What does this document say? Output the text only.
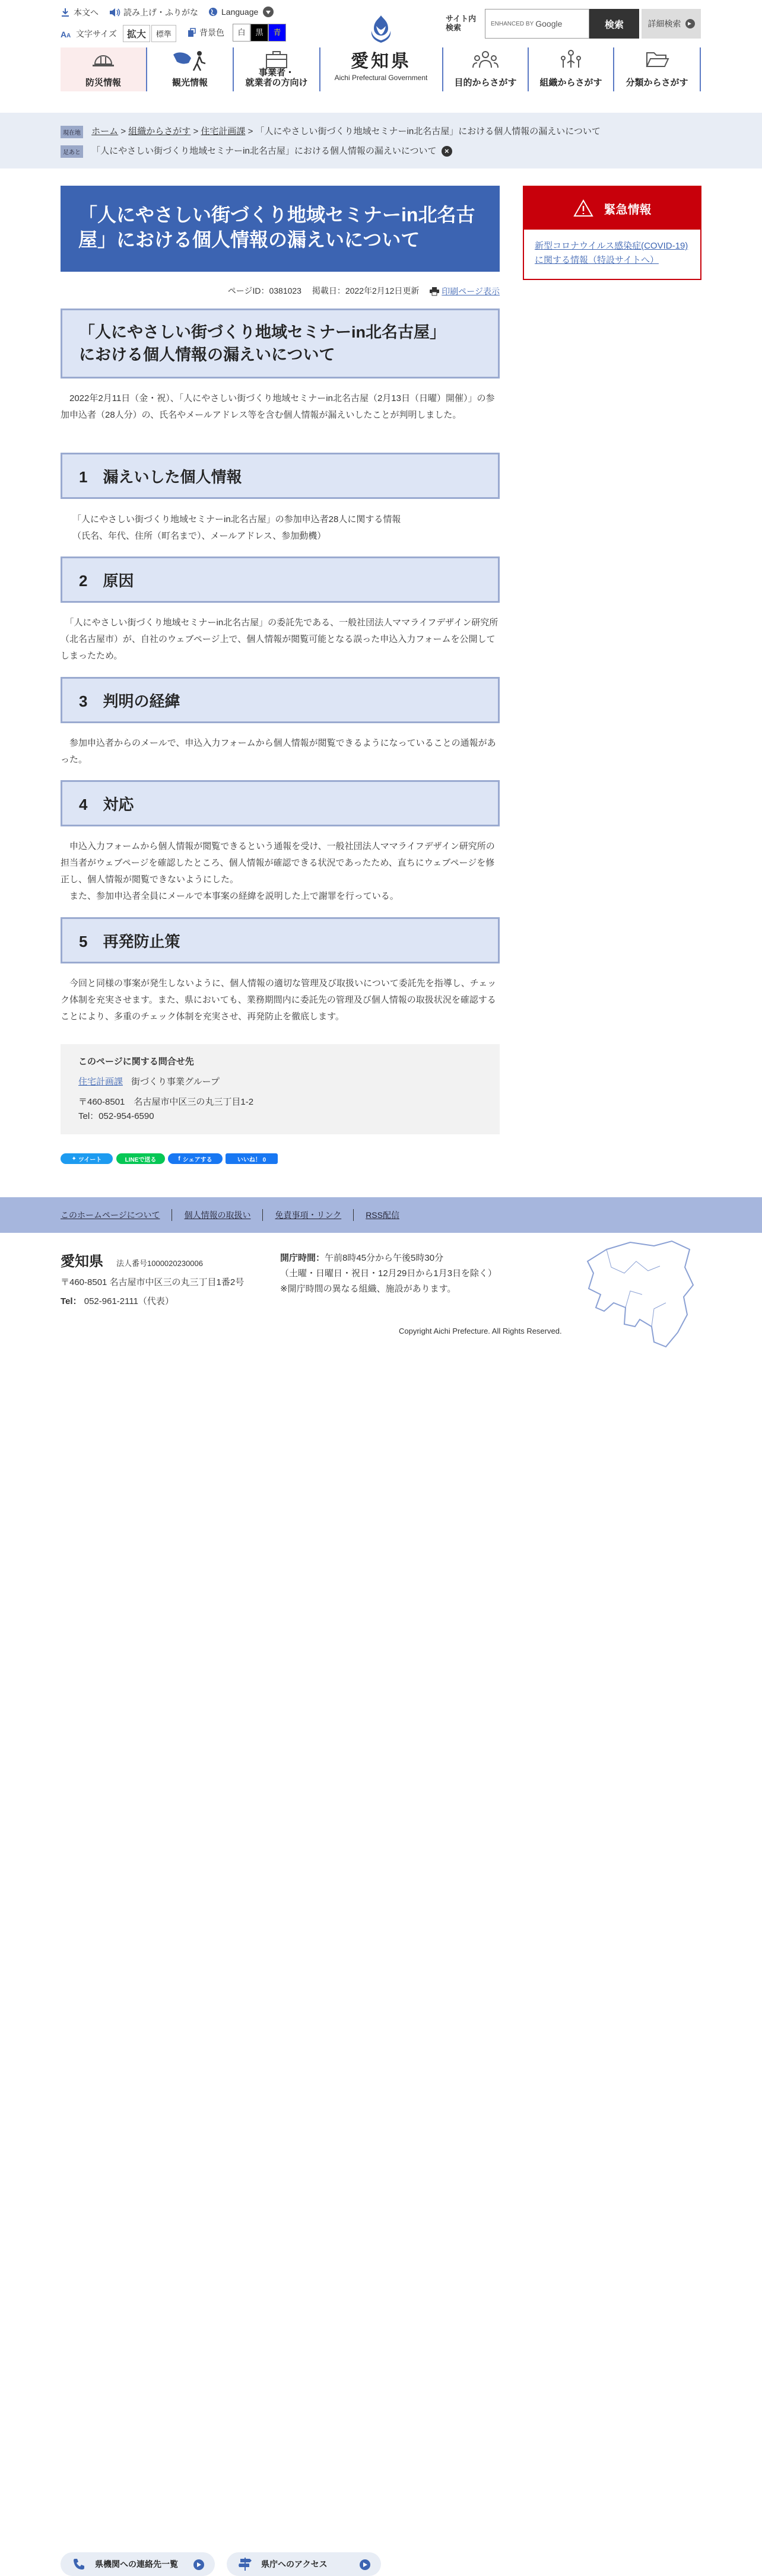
本文へ	読み上げ・ふりがな	Language
A A 文字サイズ	拡大	標準	背景色	白	黒	青
愛知県
Aichi Prefectural Government
サイト内
検索	ENHANCED BY Google	検索	詳細検索
防災情報	観光情報
事業者・
就業者の方向け	目的からさがす	組織からさがす	分類からさがす
現在地 ホーム > 組織からさがす > 住宅計画課 > 「人にやさしい街づくり地域セミナーin北名古屋」における個人情報の漏えいについて
足あと 「人にやさしい街づくり地域セミナーin北名古屋」における個人情報の漏えいについて ×
「人にやさしい街づくり地域セミナーin北名古屋」における個人情報の漏えいについて
ページID：0381023 掲載日：2022年2月12日更新	印刷ページ表示
「人にやさしい街づくり地域セミナーin北名古屋」
における個人情報の漏えいについて

　2022年2月11日（金・祝）、「人にやさしい街づくり地域セミナーin北名古屋（2月13日（日曜）開催）」の参加申込者（28人分）の、氏名やメールアドレス等を含む個人情報が漏えいしたことが判明しました。

1　漏えいした個人情報
「人にやさしい街づくり地域セミナーin北名古屋」の参加申込者28人に関する情報
（氏名、年代、住所（町名まで）、メールアドレス、参加動機）
2　原因

　「人にやさしい街づくり地域セミナーin北名古屋」の委託先である、一般社団法人ママライフデザイン研究所（北名古屋市）が、自社のウェブページ上で、個人情報が閲覧可能となる誤った申込入力フォームを公開してしまったため。

3　判明の経緯

　参加申込者からのメールで、申込入力フォームから個人情報が閲覧できるようになっていることの通報があった。

4　対応

　申込入力フォームから個人情報が閲覧できるという通報を受け、一般社団法人ママライフデザイン研究所の担当者がウェブページを確認したところ、個人情報が確認できる状況であったため、直ちにウェブページを修正し、個人情報が閲覧できないようにした。

　また、参加申込者全員にメールで本事案の経緯を説明した上で謝罪を行っている。

5　再発防止策

　今回と同様の事案が発生しないように、個人情報の適切な管理及び取扱いについて委託先を指導し、チェック体制を充実させます。また、県においても、業務期間内に委託先の管理及び個人情報の取扱状況を確認することにより、多重のチェック体制を充実させ、再発防止を徹底します。

このページに関する問合せ先
住宅計画課 街づくり事業グループ
〒460-8501　名古屋市中区三の丸三丁目1-2
Tel：052-954-6590
✦ ツイート	LINEで送る	f シェアする	いいね！ 0
緊急情報
新型コロナウイルス感染症(COVID-19)に関する情報（特設サイトへ）
このホームページについて	個人情報の取扱い	免責事項・リンク	RSS配信
愛知県 法人番号1000020230006
〒460-8501 名古屋市中区三の丸三丁目1番2号
Tel： 052-961-2111（代表）
開庁時間：午前8時45分から午後5時30分
（土曜・日曜日・祝日・12月29日から1月3日を除く）
※開庁時間の異なる組織、施設があります。
県機関への連絡先一覧	県庁へのアクセス
Copyright Aichi Prefecture. All Rights Reserved.
